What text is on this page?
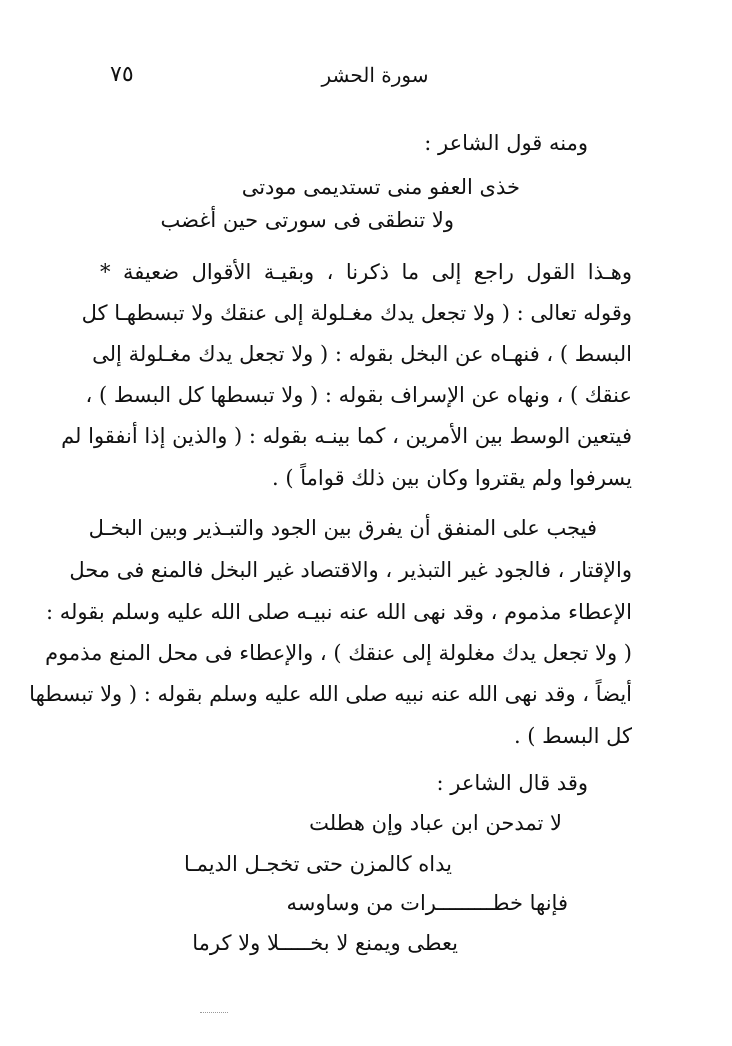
سورة الحشر
٧٥
ومنه قول الشاعر :
خذى العفو منى تستديمى مودتى
ولا تنطقى فى سورتى حين أغضب
وهـذا القول راجع إلى ما ذكرنا ، وبقيـة الأقوال ضعيفة *
وقوله تعالى : ( ولا تجعل يدك مغـلولة إلى عنقك ولا تبسطهـا كل
البسط ) ، فنهـاه عن البخل بقوله : ( ولا تجعل يدك مغـلولة إلى
عنقك ) ، ونهاه عن الإسراف بقوله : ( ولا تبسطها كل البسط ) ،
فيتعين الوسط بين الأمرين ، كما بينـه بقوله : ( والذين إذا أنفقوا لم
يسرفوا ولم يقتروا وكان بين ذلك قواماً ) .
فيجب على المنفق أن يفرق بين الجود والتبـذير وبين البخـل
والإقتار ، فالجود غير التبذير ، والاقتصاد غير البخل فالمنع فى محل
الإعطاء مذموم ، وقد نهى الله عنه نبيـه صلى الله عليه وسلم بقوله :
( ولا تجعل يدك مغلولة إلى عنقك ) ، والإعطاء فى محل المنع مذموم
أيضاً ، وقد نهى الله عنه نبيه صلى الله عليه وسلم بقوله : ( ولا تبسطها
كل البسط ) .
وقد قال الشاعر :
لا تمدحن ابن عباد وإن هطلت
يداه كالمزن حتى تخجـل الديمـا
فإنها خطـــــــــرات من وساوسه
يعطى ويمنع لا بخـــــلا ولا كرما
